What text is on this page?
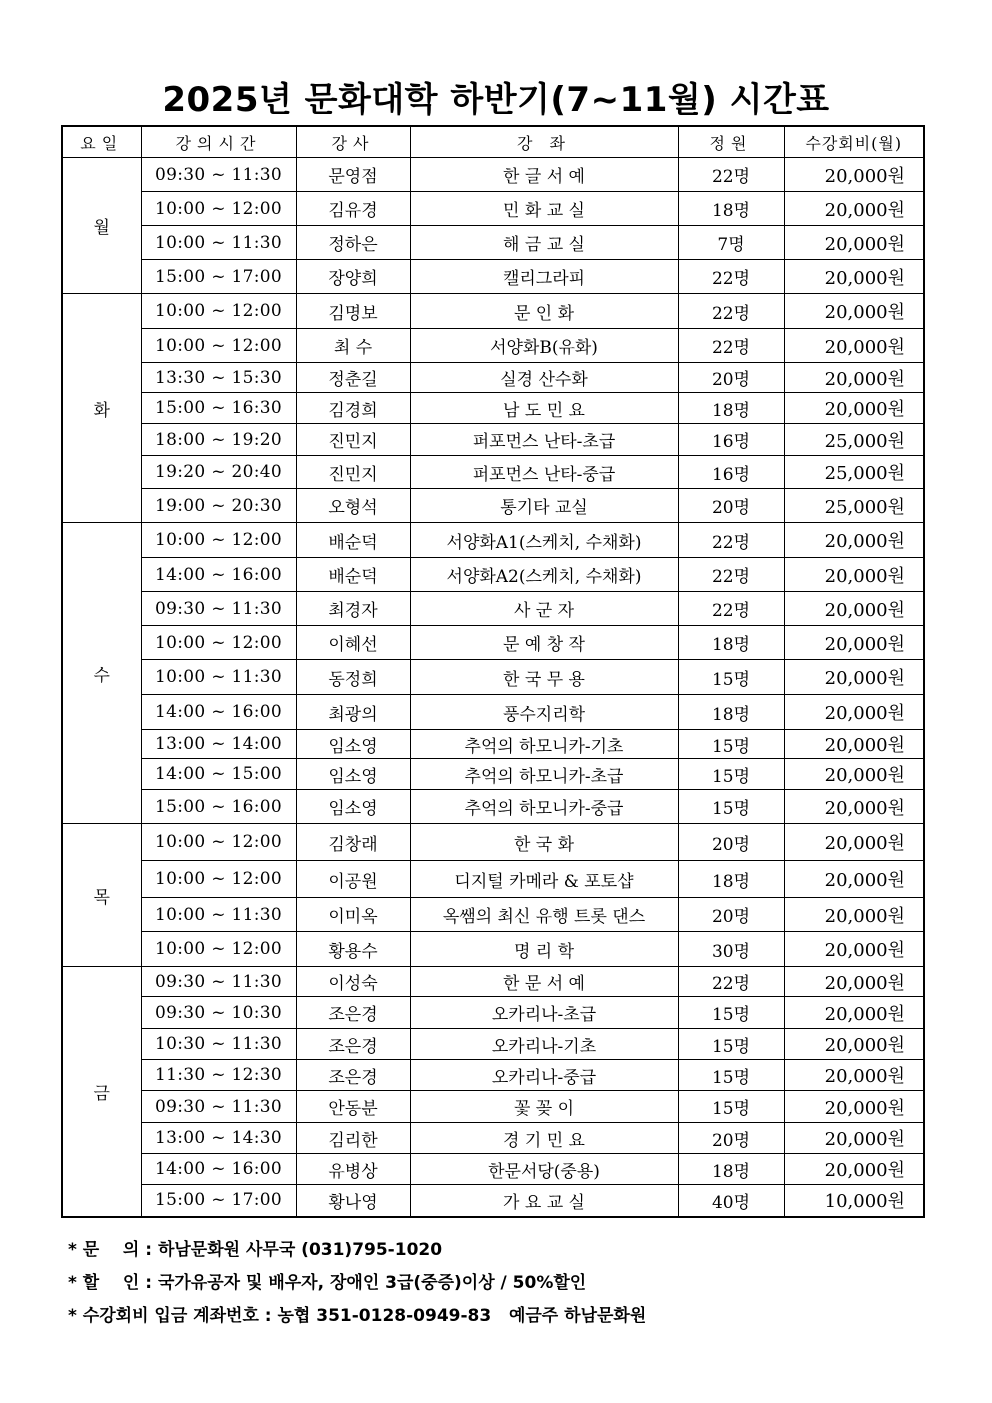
2025년 문화대학 하반기(7~11월) 시간표
요일	강의시간	강사	강 좌	정원	수강회비(월)
월	09:30 ~ 11:30	문영점	한 글 서 예	22명	20,000원
	10:00 ~ 12:00	김유경	민 화 교 실	18명	20,000원
	10:00 ~ 11:30	정하은	해 금 교 실	7명	20,000원
	15:00 ~ 17:00	장양희	캘리그라피	22명	20,000원
화	10:00 ~ 12:00	김명보	문 인 화	22명	20,000원
	10:00 ~ 12:00	최 수	서양화B(유화)	22명	20,000원
	13:30 ~ 15:30	정춘길	실경 산수화	20명	20,000원
	15:00 ~ 16:30	김경희	남 도 민 요	18명	20,000원
	18:00 ~ 19:20	진민지	퍼포먼스 난타-초급	16명	25,000원
	19:20 ~ 20:40	진민지	퍼포먼스 난타-중급	16명	25,000원
	19:00 ~ 20:30	오형석	통기타 교실	20명	25,000원
수	10:00 ~ 12:00	배순덕	서양화A1(스케치, 수채화)	22명	20,000원
	14:00 ~ 16:00	배순덕	서양화A2(스케치, 수채화)	22명	20,000원
	09:30 ~ 11:30	최경자	사 군 자	22명	20,000원
	10:00 ~ 12:00	이혜선	문 예 창 작	18명	20,000원
	10:00 ~ 11:30	동정희	한 국 무 용	15명	20,000원
	14:00 ~ 16:00	최광의	풍수지리학	18명	20,000원
	13:00 ~ 14:00	임소영	추억의 하모니카-기초	15명	20,000원
	14:00 ~ 15:00	임소영	추억의 하모니카-초급	15명	20,000원
	15:00 ~ 16:00	임소영	추억의 하모니카-중급	15명	20,000원
목	10:00 ~ 12:00	김창래	한 국 화	20명	20,000원
	10:00 ~ 12:00	이공원	디지털 카메라 & 포토샵	18명	20,000원
	10:00 ~ 11:30	이미옥	옥쌤의 최신 유행 트롯 댄스	20명	20,000원
	10:00 ~ 12:00	황용수	명 리 학	30명	20,000원
금	09:30 ~ 11:30	이성숙	한 문 서 예	22명	20,000원
	09:30 ~ 10:30	조은경	오카리나-초급	15명	20,000원
	10:30 ~ 11:30	조은경	오카리나-기초	15명	20,000원
	11:30 ~ 12:30	조은경	오카리나-중급	15명	20,000원
	09:30 ~ 11:30	안동분	꽃 꽂 이	15명	20,000원
	13:00 ~ 14:30	김리한	경 기 민 요	20명	20,000원
	14:00 ~ 16:00	유병상	한문서당(중용)	18명	20,000원
	15:00 ~ 17:00	황나영	가 요 교 실	40명	10,000원
* 문    의 : 하남문화원 사무국 (031)795-1020
* 할    인 : 국가유공자 및 배우자, 장애인 3급(중증)이상 / 50%할인
* 수강회비 입금 계좌번호 : 농협 351-0128-0949-83   예금주 하남문화원
